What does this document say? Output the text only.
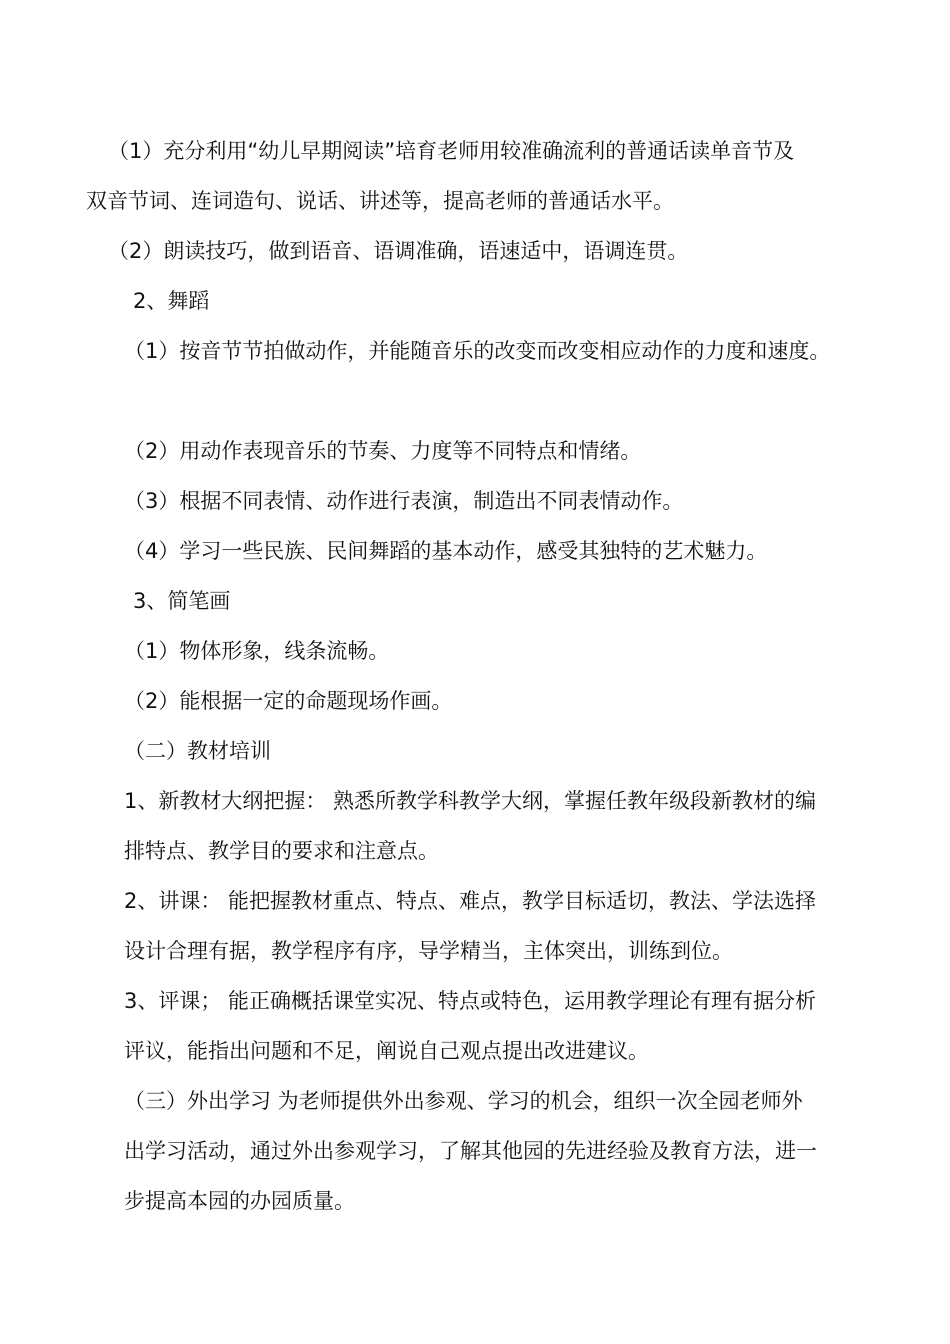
（1）充分利用“幼儿早期阅读”培育老师用较准确流利的普通话读单音节及
双音节词、连词造句、说话、讲述等，提高老师的普通话水平。
（2）朗读技巧，做到语音、语调准确，语速适中，语调连贯。
2、舞蹈
（1）按音节节拍做动作，并能随音乐的改变而改变相应动作的力度和速度。
（2）用动作表现音乐的节奏、力度等不同特点和情绪。
（3）根据不同表情、动作进行表演，制造出不同表情动作。
（4）学习一些民族、民间舞蹈的基本动作，感受其独特的艺术魅力。
3、简笔画
（1）物体形象，线条流畅。
（2）能根据一定的命题现场作画。
（二）教材培训
1、新教材大纲把握： 熟悉所教学科教学大纲，掌握任教年级段新教材的编
排特点、教学目的要求和注意点。
2、讲课： 能把握教材重点、特点、难点，教学目标适切，教法、学法选择
设计合理有据，教学程序有序，导学精当，主体突出，训练到位。
3、评课； 能正确概括课堂实况、特点或特色，运用教学理论有理有据分析
评议，能指出问题和不足，阐说自己观点提出改进建议。
（三）外出学习 为老师提供外出参观、学习的机会，组织一次全园老师外
出学习活动，通过外出参观学习，了解其他园的先进经验及教育方法，进一
步提高本园的办园质量。
